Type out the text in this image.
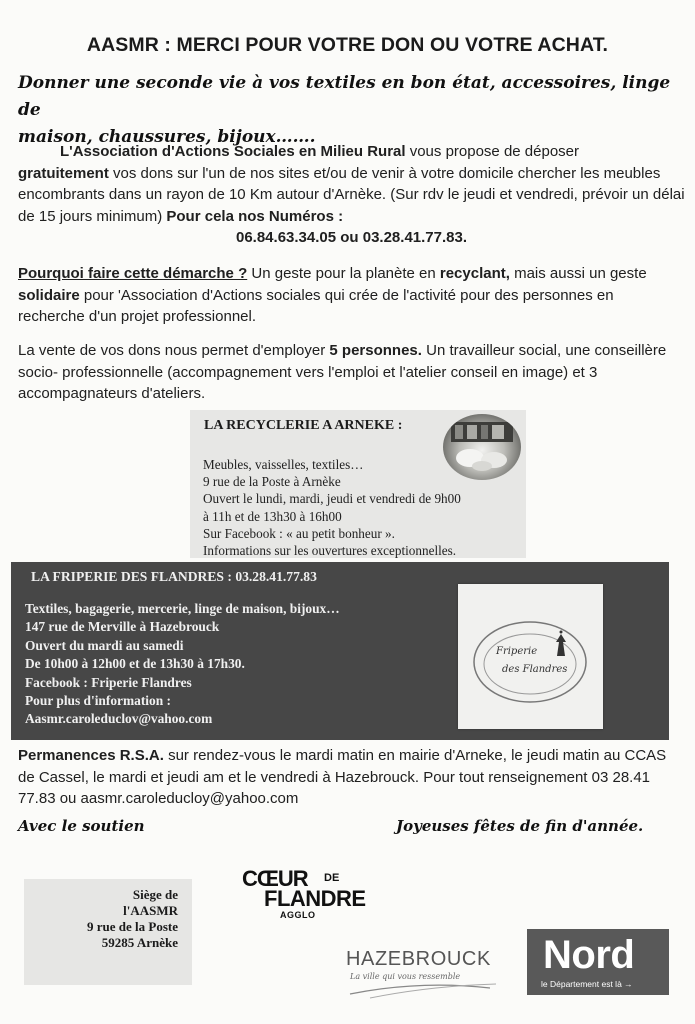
AASMR : MERCI POUR VOTRE DON OU VOTRE ACHAT.
Donner une seconde vie à vos textiles en bon état, accessoires, linge de
maison, chaussures, bijoux…….
L'Association d'Actions Sociales en Milieu Rural vous propose de déposer
gratuitement vos dons sur l'un de nos sites et/ou de venir à votre domicile chercher les meubles encombrants dans un rayon de 10 Km autour d'Arnèke. (Sur rdv le jeudi et vendredi, prévoir un délai de 15 jours minimum) Pour cela nos Numéros :
06.84.63.34.05 ou 03.28.41.77.83.
Pourquoi faire cette démarche ? Un geste pour la planète en recyclant, mais aussi un geste solidaire pour 'Association d'Actions sociales qui crée de l'activité pour des personnes en recherche d'un projet professionnel.
La vente de vos dons nous permet d'employer 5 personnes. Un travailleur social, une conseillère socio- professionnelle (accompagnement vers l'emploi et l'atelier conseil en image) et 3 accompagnateurs d'ateliers.
LA RECYCLERIE A ARNEKE :
Meubles, vaisselles, textiles…
9 rue de la Poste à Arnèke
Ouvert le lundi, mardi, jeudi et vendredi de 9h00
à 11h et de 13h30 à 16h00
Sur Facebook : « au petit bonheur ».
Informations sur les ouvertures exceptionnelles.
LA FRIPERIE DES FLANDRES : 03.28.41.77.83
Textiles, bagagerie, mercerie, linge de maison, bijoux…
147 rue de Merville à Hazebrouck
Ouvert du mardi au samedi
De 10h00 à 12h00 et de 13h30 à 17h30.
Facebook : Friperie Flandres
Pour plus d'information :
Aasmr.caroleduclov@vahoo.com
Friperie
des Flandres
Permanences R.S.A. sur rendez-vous le mardi matin en mairie d'Arneke, le jeudi matin au CCAS de Cassel, le mardi et jeudi am et le vendredi à Hazebrouck. Pour tout renseignement 03 28.41 77.83 ou aasmr.caroleducloy@yahoo.com
Avec le soutien	Joyeuses fêtes de fin d'année.
Siège de
l'AASMR
9 rue de la Poste
59285 Arnèke
CŒUR DE
FLANDRE
AGGLO
HAZEBROUCK
La ville qui vous ressemble Nord
le Département est là →
